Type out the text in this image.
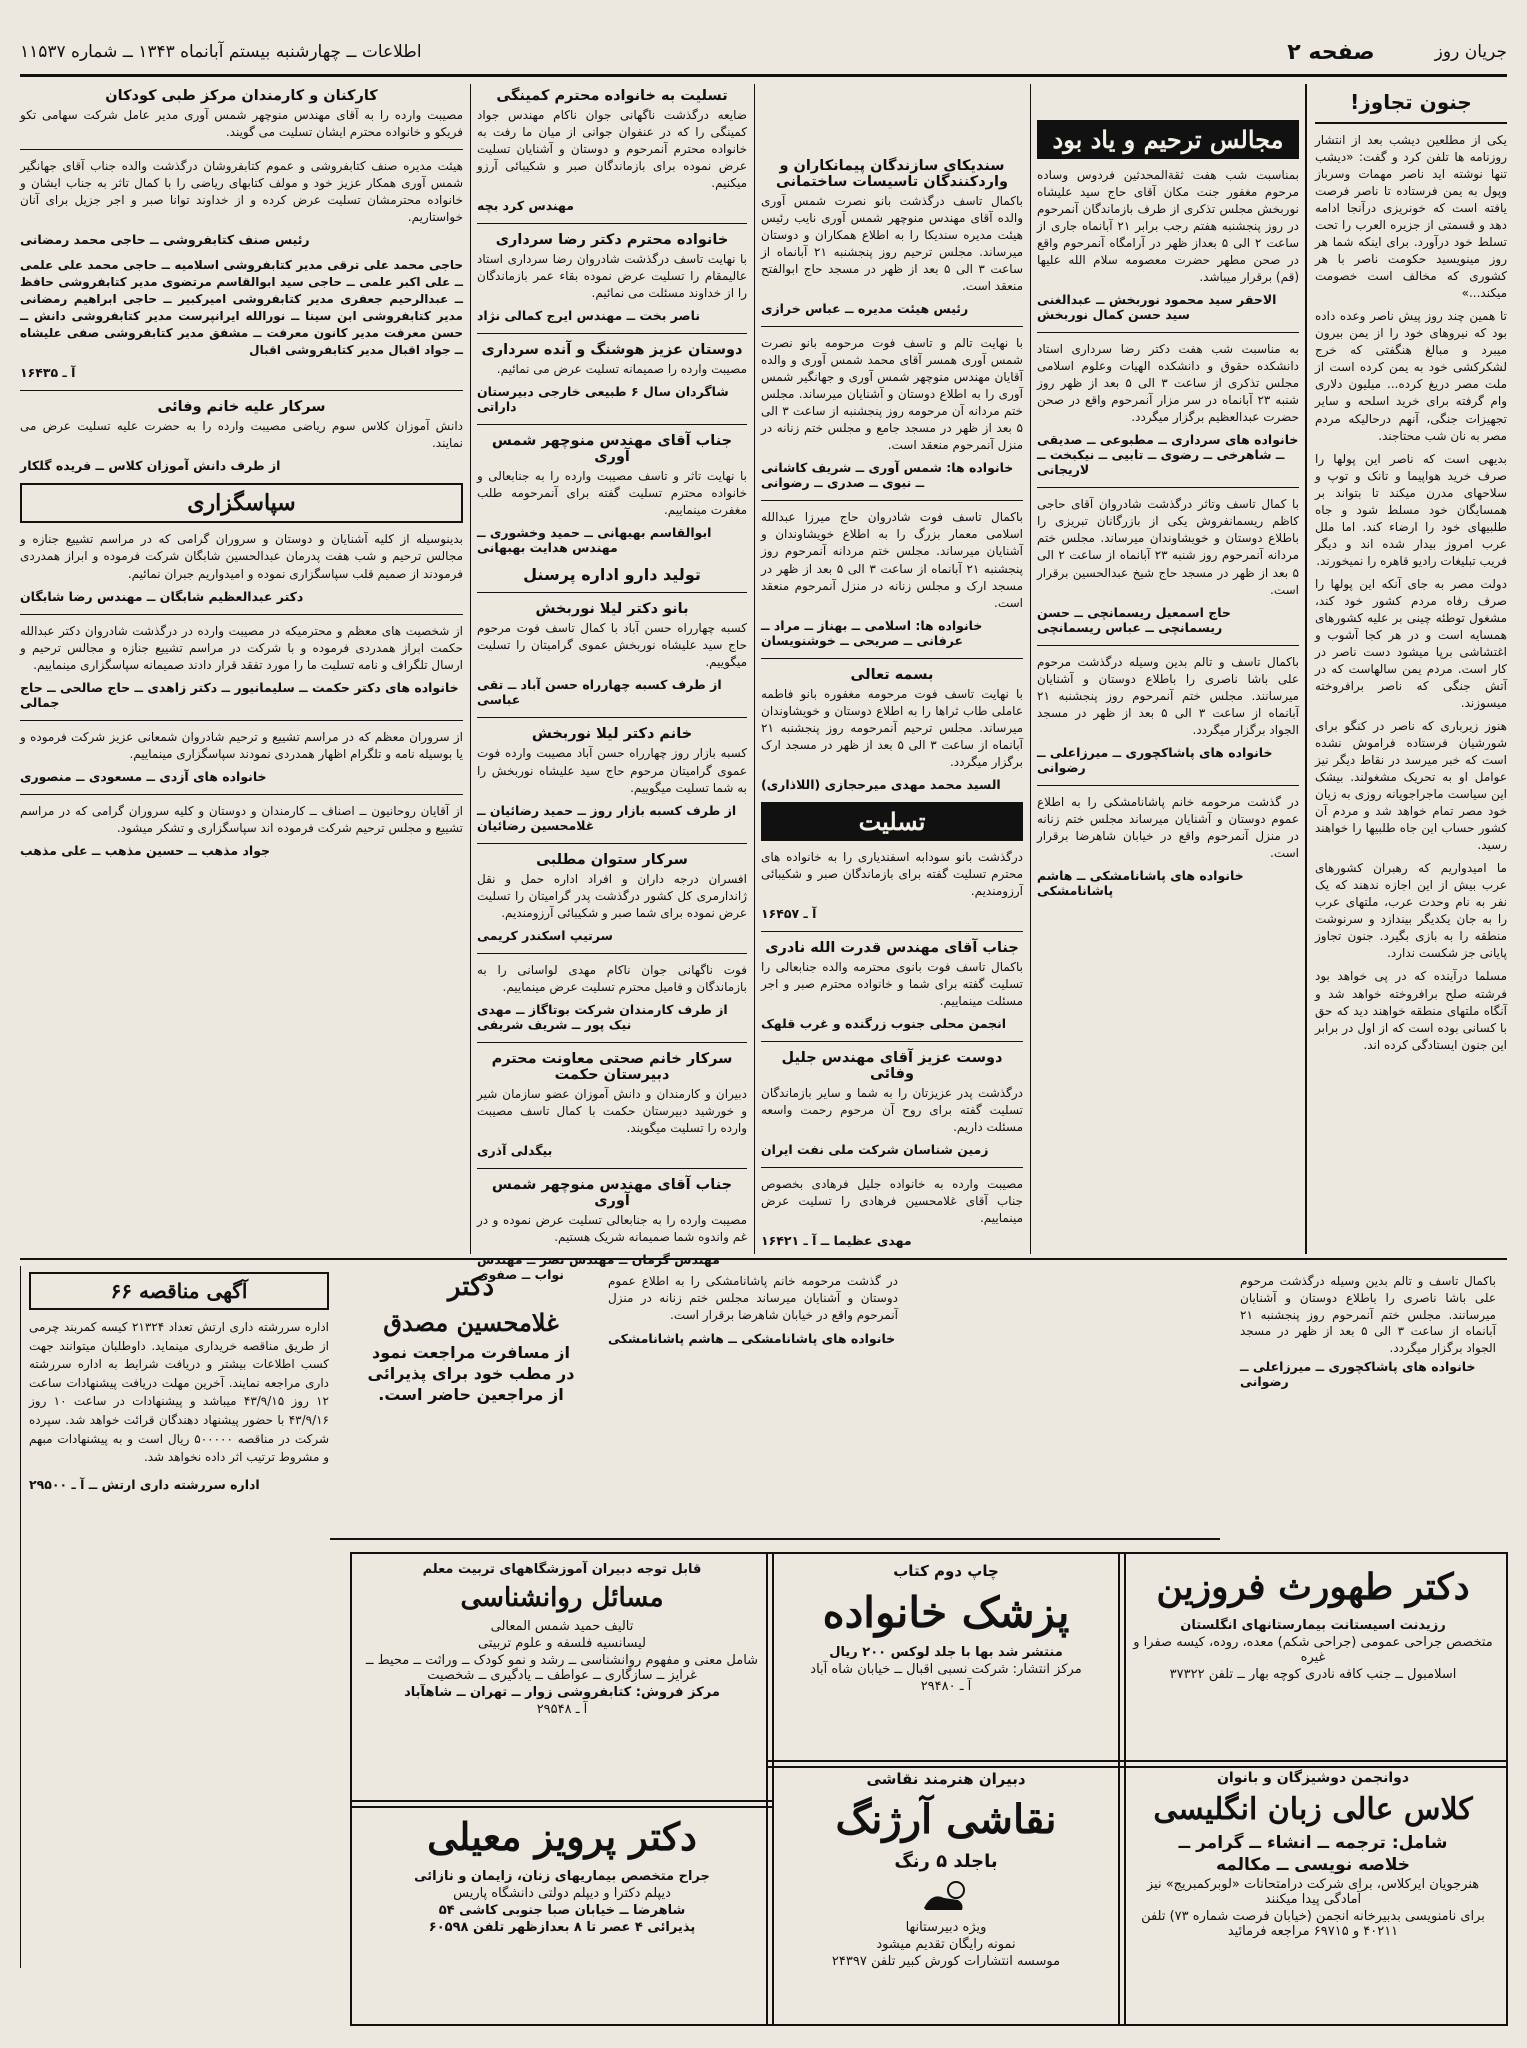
جریان روز
صفحه ۲
اطلاعات ــ چهارشنبه بیستم آبانماه ۱۳۴۳ ــ شماره ۱۱۵۳۷
جنون تجاوز!

یکی از مطلعین دیشب بعد از انتشار روزنامه ها تلفن کرد و گفت: «دیشب تنها نوشته اید ناصر مهمات وسرباز وپول به یمن فرستاده تا ناصر فرصت یافته است که خونریزی درآنجا ادامه دهد و قسمتی از جزیره العرب را تحت تسلط خود درآورد. برای اینکه شما هر روز مینویسید حکومت ناصر با هر کشوری که مخالف است خصومت میکند...»

تا همین چند روز پیش ناصر وعده داده بود که نیروهای خود را از یمن بیرون میبرد و مبالغ هنگفتی که خرج لشکرکشی خود به یمن کرده است از ملت مصر دریغ کرده... میلیون دلاری وام گرفته برای خرید اسلحه و سایر تجهیزات جنگی، آنهم درحالیکه مردم مصر به نان شب محتاجند.

بدیهی است که ناصر این پولها را صرف خرید هواپیما و تانک و توپ و سلاحهای مدرن میکند تا بتواند بر همسایگان خود مسلط شود و جاه طلبیهای خود را ارضاء کند. اما ملل عرب امروز بیدار شده اند و دیگر فریب تبلیغات رادیو قاهره را نمیخورند.

دولت مصر به جای آنکه این پولها را صرف رفاه مردم کشور خود کند، مشغول توطئه چینی بر علیه کشورهای همسایه است و در هر کجا آشوب و اغتشاشی برپا میشود دست ناصر در کار است. مردم یمن سالهاست که در آتش جنگی که ناصر برافروخته میسوزند.

هنوز زیرباری که ناصر در کنگو برای شورشیان فرستاده فراموش نشده است که خبر میرسد در نقاط دیگر نیز عوامل او به تحریک مشغولند. بیشک این سیاست ماجراجویانه روزی به زیان خود مصر تمام خواهد شد و مردم آن کشور حساب این جاه طلبیها را خواهند رسید.

ما امیدواریم که رهبران کشورهای عرب بیش از این اجازه ندهند که یک نفر به نام وحدت عرب، ملتهای عرب را به جان یکدیگر بیندازد و سرنوشت منطقه را به بازی بگیرد. جنون تجاوز پایانی جز شکست ندارد.

مسلما درآینده که در پی خواهد بود فرشته صلح برافروخته خواهد شد و آنگاه ملتهای منطقه خواهند دید که حق با کسانی بوده است که از اول در برابر این جنون ایستادگی کرده اند.

مجالس ترحیم و یاد بود

بمناسبت شب هفت ثقةالمحدثین فردوس وساده مرحوم مغفور جنت مکان آقای حاج سید علیشاه نوربخش مجلس تذکری از طرف بازماندگان آنمرحوم در روز پنجشنبه هفتم رجب برابر ۲۱ آبانماه جاری از ساعت ۲ الی ۵ بعداز ظهر در آرامگاه آنمرحوم واقع در صحن مطهر حضرت معصومه سلام الله علیها (قم) برقرار میباشد.

الاحقر سید محمود نوربخش ــ عبدالغنی سید حسن کمال نوربخش

به مناسبت شب هفت دکتر رضا سرداری استاد دانشکده حقوق و دانشکده الهیات وعلوم اسلامی مجلس تذکری از ساعت ۳ الی ۵ بعد از ظهر روز شنبه ۲۳ آبانماه در سر مزار آنمرحوم واقع در صحن حضرت عبدالعظیم برگزار میگردد.

خانواده های سرداری ــ مطبوعی ــ صدیقی ــ شاهرخی ــ رضوی ــ تابیی ــ نیکبخت ــ لاریجانی

با کمال تاسف وتاثر درگذشت شادروان آقای حاجی کاظم ریسمانفروش یکی از بازرگانان تبریزی را باطلاع دوستان و خویشاوندان میرساند. مجلس ختم مردانه آنمرحوم روز شنبه ۲۳ آبانماه از ساعت ۲ الی ۵ بعد از ظهر در مسجد حاج شیخ عبدالحسین برقرار است.

حاج اسمعیل ریسمانچی ــ حسن ریسمانچی ــ عباس ریسمانچی

باکمال تاسف و تالم بدین وسیله درگذشت مرحوم علی باشا ناصری را باطلاع دوستان و آشنایان میرسانند. مجلس ختم آنمرحوم روز پنجشنبه ۲۱ آبانماه از ساعت ۳ الی ۵ بعد از ظهر در مسجد الجواد برگزار میگردد.

خانواده های پاشاکچوری ــ میرزاعلی ــ رضوانی

در گذشت مرحومه خانم پاشانامشکی را به اطلاع عموم دوستان و آشنایان میرساند مجلس ختم زنانه در منزل آنمرحوم واقع در خیابان شاهرضا برقرار است.

خانواده های پاشانامشکی ــ هاشم پاشانامشکی
سندیکای سازندگان پیمانکاران و واردکنندگان تاسیسات ساختمانی

باکمال تاسف درگذشت بانو نصرت شمس آوری والده آقای مهندس منوچهر شمس آوری نایب رئیس هیئت مدیره سندیکا را به اطلاع همکاران و دوستان میرساند. مجلس ترحیم روز پنجشنبه ۲۱ آبانماه از ساعت ۳ الی ۵ بعد از ظهر در مسجد حاج ابوالفتح منعقد است.

رئیس هیئت مدیره ــ عباس خرازی

با نهایت تالم و تاسف فوت مرحومه بانو نصرت شمس آوری همسر آقای محمد شمس آوری و والده آقایان مهندس منوچهر شمس آوری و جهانگیر شمس آوری را به اطلاع دوستان و آشنایان میرساند. مجلس ختم مردانه آن مرحومه روز پنجشنبه از ساعت ۳ الی ۵ بعد از ظهر در مسجد جامع و مجلس ختم زنانه در منزل آنمرحوم منعقد است.

خانواده ها: شمس آوری ــ شریف کاشانی ــ نبوی ــ صدری ــ رضوانی

باکمال تاسف فوت شادروان حاج میرزا عبدالله اسلامی معمار بزرگ را به اطلاع خویشاوندان و آشنایان میرساند. مجلس ختم مردانه آنمرحوم روز پنجشنبه ۲۱ آبانماه از ساعت ۳ الی ۵ بعد از ظهر در مسجد ارک و مجلس زنانه در منزل آنمرحوم منعقد است.

خانواده ها: اسلامی ــ بهناز ــ مراد ــ عرفانی ــ صریحی ــ خوشنویسان
بسمه تعالی

با نهایت تاسف فوت مرحومه مغفوره بانو فاطمه عاملی طاب ثراها را به اطلاع دوستان و خویشاوندان میرساند. مجلس ترحیم آنمرحومه روز پنجشنبه ۲۱ آبانماه از ساعت ۳ الی ۵ بعد از ظهر در مسجد ارک برگزار میگردد.

السید محمد مهدی میرحجازی (اللاذاری)
تسلیت

درگذشت بانو سودابه اسفندیاری را به خانواده های محترم تسلیت گفته برای بازماندگان صبر و شکیبائی آرزومندیم.

آ ـ ۱۶۴۵۷
جناب آقای مهندس قدرت الله نادری

باکمال تاسف فوت بانوی محترمه والده جنابعالی را تسلیت گفته برای شما و خانواده محترم صبر و اجر مسئلت مینماییم.

انجمن محلی جنوب زرگنده و غرب قلهک
دوست عزیز آقای مهندس جلیل وفائی

درگذشت پدر عزیزتان را به شما و سایر بازماندگان تسلیت گفته برای روح آن مرحوم رحمت واسعه مسئلت داریم.

زمین شناسان شرکت ملی نفت ایران

مصیبت وارده به خانواده جلیل فرهادی بخصوص جناب آقای غلامحسین فرهادی را تسلیت عرض مینماییم.

مهدی عظیما ــ آ ـ ۱۶۴۲۱
تسلیت به خانواده محترم کمینگی

ضایعه درگذشت ناگهانی جوان ناکام مهندس جواد کمینگی را که در عنفوان جوانی از میان ما رفت به خانواده محترم آنمرحوم و دوستان و آشنایان تسلیت عرض نموده برای بازماندگان صبر و شکیبائی آرزو میکنیم.

مهندس کرد بچه
خانواده محترم دکتر رضا سرداری

با نهایت تاسف درگذشت شادروان رضا سرداری استاد عالیمقام را تسلیت عرض نموده بقاء عمر بازماندگان را از خداوند مسئلت می نمائیم.

ناصر بخت ــ مهندس ایرج کمالی نژاد
دوستان عزیز هوشنگ و آنده سرداری

مصیبت وارده را صمیمانه تسلیت عرض می نمائیم.

شاگردان سال ۶ طبیعی خارجی دبیرستان داراتی
جناب آقای مهندس منوچهر شمس آوری

با نهایت تاثر و تاسف مصیبت وارده را به جنابعالی و خانواده محترم تسلیت گفته برای آنمرحومه طلب مغفرت مینماییم.

ابوالقاسم بهبهانی ــ حمید وخشوری ــ مهندس هدایت بهبهانی
تولید دارو اداره پرسنل
بانو دکتر لیلا نوربخش

کسبه چهارراه حسن آباد با کمال تاسف فوت مرحوم حاج سید علیشاه نوربخش عموی گرامیتان را تسلیت میگوییم.

از طرف کسبه چهارراه حسن آباد ــ تقی عباسی
خانم دکتر لیلا نوربخش

کسبه بازار روز چهارراه حسن آباد مصیبت وارده فوت عموی گرامیتان مرحوم حاج سید علیشاه نوربخش را به شما تسلیت میگوییم.

از طرف کسبه بازار روز ــ حمید رضائیان ــ غلامحسین رضائیان
سرکار ستوان مطلبی

افسران درجه داران و افراد اداره حمل و نقل ژاندارمری کل کشور درگذشت پدر گرامیتان را تسلیت عرض نموده برای شما صبر و شکیبائی آرزومندیم.

سرتیپ اسکندر کریمی

فوت ناگهانی جوان ناکام مهدی لواسانی را به بازماندگان و فامیل محترم تسلیت عرض مینماییم.

از طرف کارمندان شرکت بوتاگاز ــ مهدی نیک پور ــ شریف شریفی
سرکار خانم صحتی معاونت محترم دبیرستان حکمت

دبیران و کارمندان و دانش آموزان عضو سازمان شیر و خورشید دبیرستان حکمت با کمال تاسف مصیبت وارده را تسلیت میگویند.

بیگدلی آذری
جناب آقای مهندس منوچهر شمس آوری

مصیبت وارده را به جنابعالی تسلیت عرض نموده و در غم واندوه شما صمیمانه شریک هستیم.

نواب ــ صفوی
کارکنان و کارمندان مرکز طبی کودکان

مصیبت وارده را به آقای مهندس منوچهر شمس آوری مدیر عامل شرکت سهامی تکو فریکو و خانواده محترم ایشان تسلیت می گویند.

هیئت مدیره صنف کتابفروشی و عموم کتابفروشان درگذشت والده جناب آقای جهانگیر شمس آوری همکار عزیز خود و مولف کتابهای ریاضی را با کمال تاثر به جناب ایشان و خانواده محترمشان تسلیت عرض کرده و از خداوند توانا صبر و اجر جزیل برای آنان خواستاریم.

رئیس صنف کتابفروشی ــ حاجی محمد رمضانی

حاجی محمد علی ترقی مدیر کتابفروشی اسلامیه ــ حاجی محمد علی علمی ــ علی اکبر علمی ــ حاجی سید ابوالقاسم مرتضوی مدیر کتابفروشی حافظ ــ عبدالرحیم جعفری مدیر کتابفروشی امیرکبیر ــ حاجی ابراهیم رمضانی مدیر کتابفروشی ابن سینا ــ نورالله ایرانپرست مدیر کتابفروشی دانش ــ حسن معرفت مدیر کانون معرفت ــ مشفق مدیر کتابفروشی صفی علیشاه ــ جواد اقبال مدیر کتابفروشی اقبال

آ ـ ۱۶۴۳۵
سرکار علیه خانم وفائی

دانش آموزان کلاس سوم ریاضی مصیبت وارده را به حضرت علیه تسلیت عرض می نمایند.

از طرف دانش آموزان کلاس ــ فریده گلکار
سپاسگزاری

بدینوسیله از کلیه آشنایان و دوستان و سروران گرامی که در مراسم تشییع جنازه و مجالس ترحیم و شب هفت پدرمان عبدالحسین شابگان شرکت فرموده و ابراز همدردی فرمودند از صمیم قلب سپاسگزاری نموده و امیدواریم جبران نمائیم.

دکتر عبدالعظیم شابگان ــ مهندس رضا شابگان

از شخصیت های معظم و محترمیکه در مصیبت وارده در درگذشت شادروان دکتر عبدالله حکمت ابراز همدردی فرموده و با شرکت در مراسم تشییع جنازه و مجالس ترحیم و ارسال تلگراف و نامه تسلیت ما را مورد تفقد قرار دادند صمیمانه سپاسگزاری مینماییم.

خانواده های دکتر حکمت ــ سلیمانیور ــ دکتر زاهدی ــ حاج صالحی ــ حاج جمالی

از سروران معظم که در مراسم تشییع و ترحیم شادروان شمعانی عزیز شرکت فرموده و یا بوسیله نامه و تلگرام اظهار همدردی نمودند سپاسگزاری مینماییم.

خانواده های آزدی ــ مسعودی ــ منصوری

از آقایان روحانیون ــ اصناف ــ کارمندان و دوستان و کلیه سروران گرامی که در مراسم تشییع و مجلس ترحیم شرکت فرموده اند سپاسگزاری و تشکر میشود.

جواد مذهب ــ حسین مذهب ــ علی مذهب
آگهی مناقصه ۶۶

اداره سررشته داری ارتش تعداد ۲۱۳۲۴ کیسه کمربند چرمی از طریق مناقصه خریداری مینماید. داوطلبان میتوانند جهت کسب اطلاعات بیشتر و دریافت شرایط به اداره سررشته داری مراجعه نمایند. آخرین مهلت دریافت پیشنهادات ساعت ۱۲ روز ۴۳/۹/۱۵ میباشد و پیشنهادات در ساعت ۱۰ روز ۴۳/۹/۱۶ با حضور پیشنهاد دهندگان قرائت خواهد شد. سپرده شرکت در مناقصه ۵۰۰۰۰۰ ریال است و به پیشنهادات مبهم و مشروط ترتیب اثر داده نخواهد شد.

اداره سررشته داری ارتش ــ آ ـ ۲۹۵۰۰
دکتر
غلامحسین مصدق
از مسافرت مراجعت نمود
در مطب خود برای پذیرائی
از مراجعین حاضر است.
در گذشت مرحومه خانم پاشانامشکی را به اطلاع عموم دوستان و آشنایان میرساند مجلس ختم زنانه در منزل آنمرحوم واقع در خیابان شاهرضا برقرار است.
خانواده های پاشانامشکی ــ هاشم پاشانامشکی
قابل توجه دبیران آموزشگاههای تربیت معلم
مسائل روانشناسی
تالیف حمید شمس المعالی
لیسانسیه فلسفه و علوم تربیتی
شامل معنی و مفهوم روانشناسی ــ رشد و نمو کودک ــ وراثت ــ محیط ــ غرایز ــ سازگاری ــ عواطف ــ یادگیری ــ شخصیت
مرکز فروش: کتابفروشی زوار ــ تهران ــ شاهآباد
آ ـ ۲۹۵۴۸
دکتر پرویز معیلی
جراح متخصص بیماریهای زنان، زایمان و نازائی
دیپلم دکترا و دیپلم دولتی دانشگاه پاریس
شاهرضا ــ خیابان صبا جنوبی کاشی ۵۴
پذیرائی ۴ عصر تا ۸ بعدازظهر تلفن ۶۰۵۹۸
چاپ دوم کتاب
پزشک خانواده
منتشر شد بها با جلد لوکس ۲۰۰ ریال
مرکز انتشار: شرکت نسبی اقبال ــ خیابان شاه آباد
آ ـ ۲۹۴۸۰
دبیران هنرمند نقاشی
نقاشی آرژنگ
باجلد ۵ رنگ
ویژه دبیرستانها
نمونه رایگان تقدیم میشود
موسسه انتشارات کورش کبیر تلفن ۲۴۳۹۷
دکتر طهورث فروزین
رزیدنت اسیستانت بیمارستانهای انگلستان
متخصص جراحی عمومی (جراحی شکم) معده، روده، کیسه صفرا و غیره
اسلامبول ــ جنب کافه نادری کوچه بهار ــ تلفن ۳۷۳۲۲
دوانجمن دوشیزگان و بانوان
کلاس عالی زبان انگلیسی
شامل: ترجمه ــ انشاء ــ گرامر ــ
خلاصه نویسی ــ مکالمه
هنرجویان ایرکلاس، برای شرکت درامتحانات «لوبرکمبریج» نیز آمادگی پیدا میکنند
برای نامنویسی بدبیرخانه انجمن (خیابان فرصت شماره ۷۳) تلفن ۴۰۲۱۱ و ۶۹۷۱۵ مراجعه فرمائید

باکمال تاسف و تالم بدین وسیله درگذشت مرحوم علی باشا ناصری را باطلاع دوستان و آشنایان میرسانند. مجلس ختم آنمرحوم روز پنجشنبه ۲۱ آبانماه از ساعت ۳ الی ۵ بعد از ظهر در مسجد الجواد برگزار میگردد.

خانواده های پاشاکچوری ــ میرزاعلی ــ رضوانی
